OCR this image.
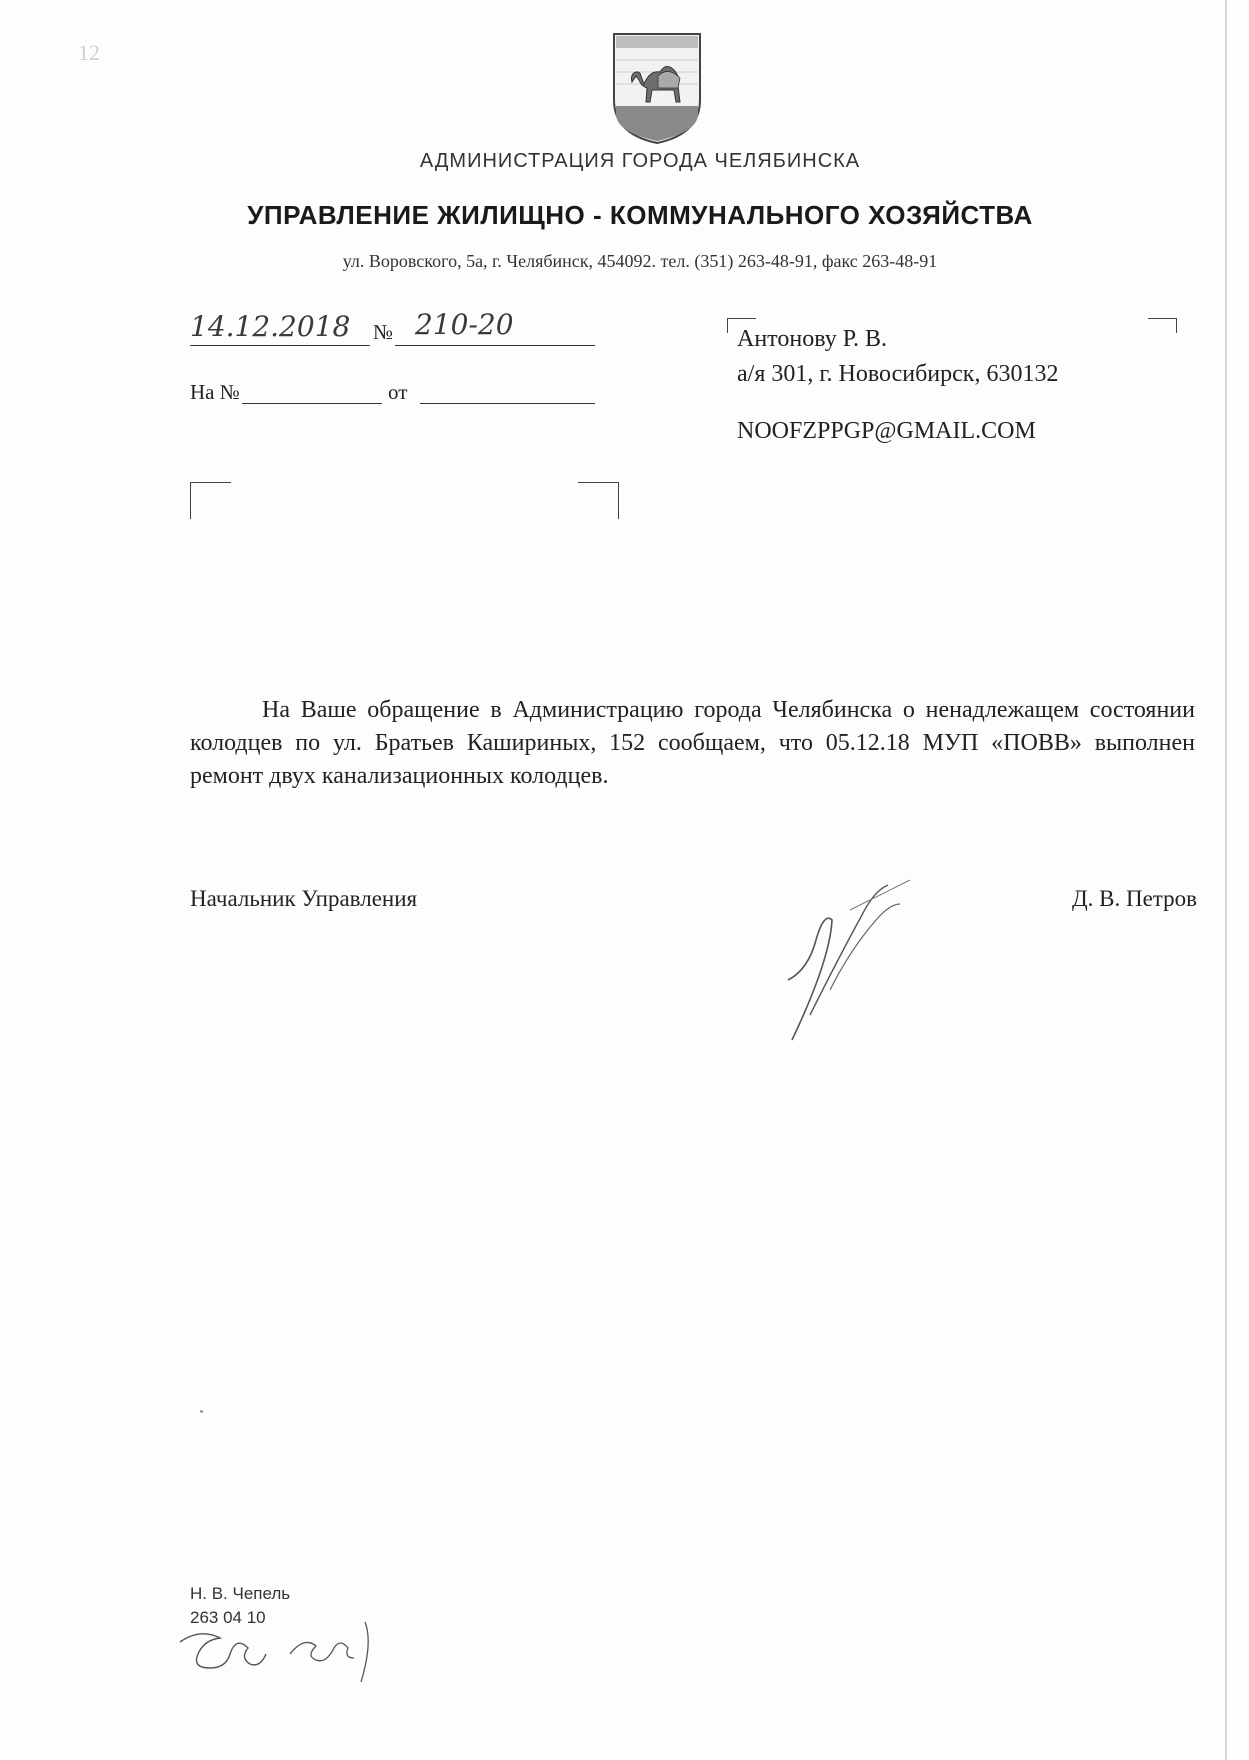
12
АДМИНИСТРАЦИЯ ГОРОДА ЧЕЛЯБИНСКА
УПРАВЛЕНИЕ ЖИЛИЩНО - КОММУНАЛЬНОГО ХОЗЯЙСТВА
ул. Воровского, 5а, г. Челябинск, 454092. тел. (351) 263-48-91, факс 263-48-91
14.12.2018 № 210-20
На №	от
Антонову Р. В.
а/я 301, г. Новосибирск, 630132
NOOFZPPGP@GMAIL.COM
На Ваше обращение в Администрацию города Челябинска о ненадлежащем состоянии колодцев по ул. Братьев Кашириных, 152 сообщаем, что 05.12.18 МУП «ПОВВ» выполнен ремонт двух канализационных колодцев.
Начальник Управления	Д. В. Петров
Н. В. Чепель
263 04 10
